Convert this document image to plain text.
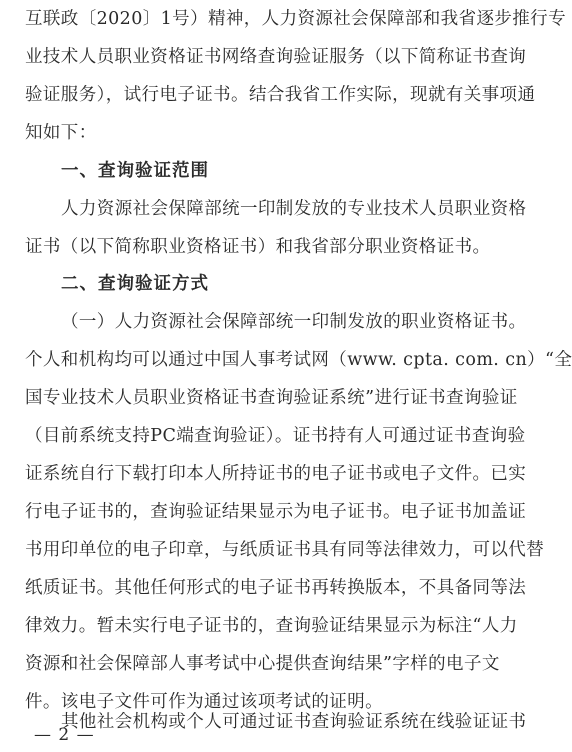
互联政〔2020〕1号）精神，人力资源社会保障部和我省逐步推行专
业技术人员职业资格证书网络查询验证服务（以下简称证书查询
验证服务），试行电子证书。结合我省工作实际，现就有关事项通
知如下：
一、查询验证范围
人力资源社会保障部统一印制发放的专业技术人员职业资格
证书（以下简称职业资格证书）和我省部分职业资格证书。
二、查询验证方式
（一）人力资源社会保障部统一印制发放的职业资格证书。
个人和机构均可以通过中国人事考试网（www. cpta. com. cn）“全
国专业技术人员职业资格证书查询验证系统”进行证书查询验证
（目前系统支持PC端查询验证）。证书持有人可通过证书查询验
证系统自行下载打印本人所持证书的电子证书或电子文件。已实
行电子证书的，查询验证结果显示为电子证书。电子证书加盖证
书用印单位的电子印章，与纸质证书具有同等法律效力，可以代替
纸质证书。其他任何形式的电子证书再转换版本，不具备同等法
律效力。暂未实行电子证书的，查询验证结果显示为标注“人力
资源和社会保障部人事考试中心提供查询结果”字样的电子文
件。该电子文件可作为通过该项考试的证明。
其他社会机构或个人可通过证书查询验证系统在线验证证书
— 2 —
